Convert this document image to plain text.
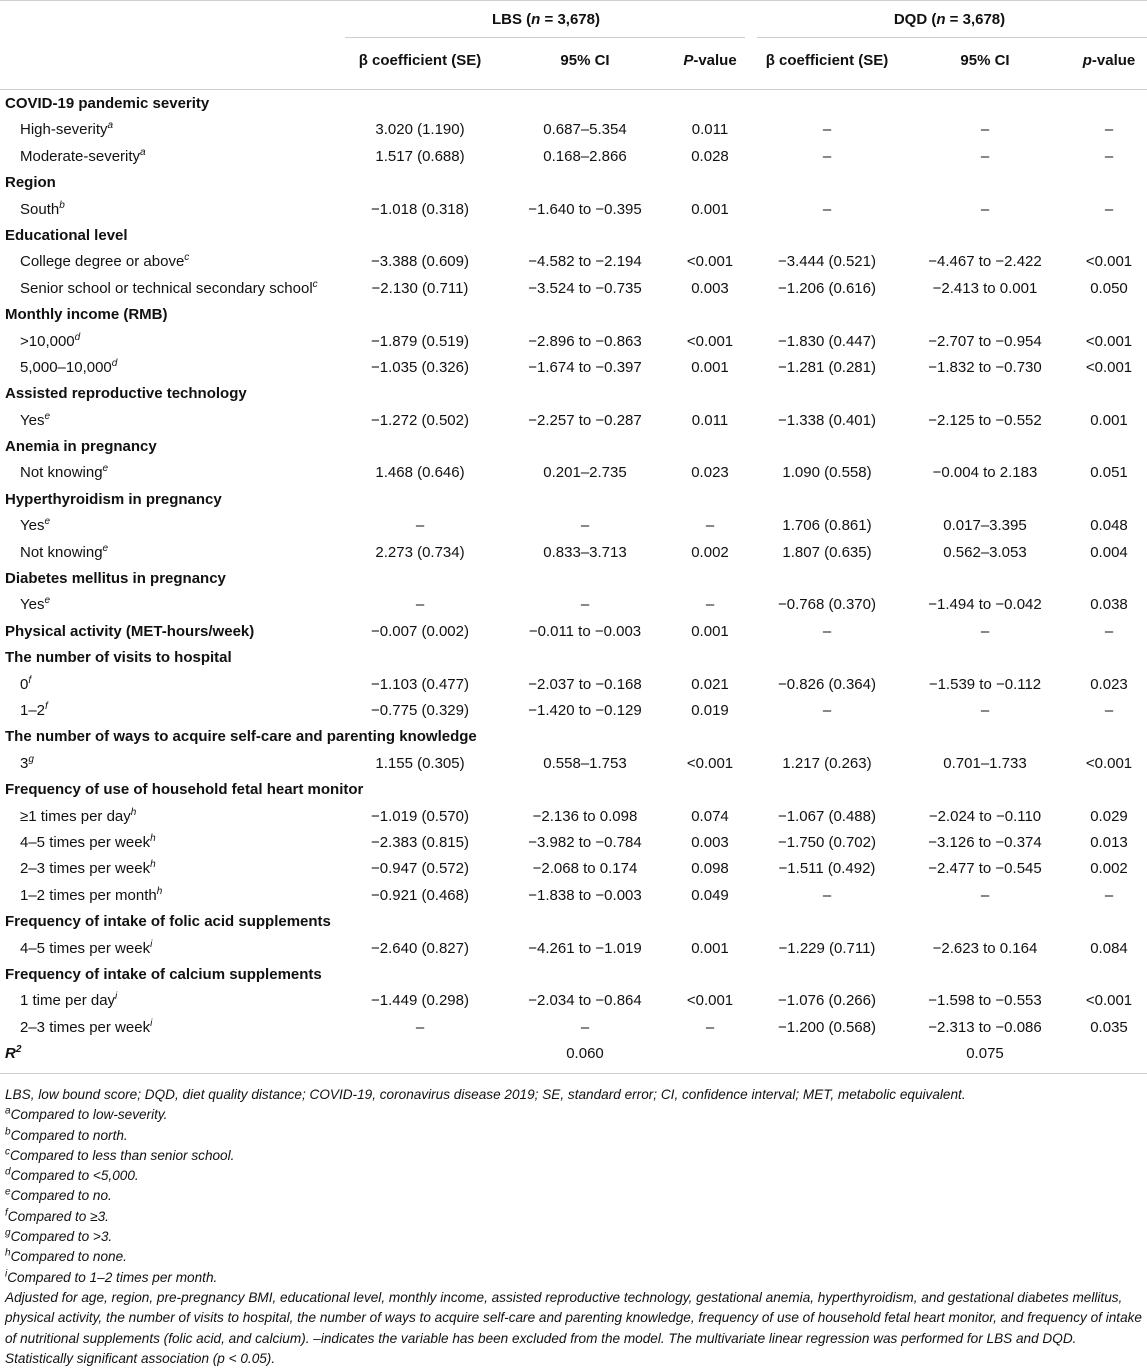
LBS (n = 3,678)	DQD (n = 3,678)
β coefficient (SE)	95% CI	P-value	β coefficient (SE)	95% CI	p-value
COVID-19 pandemic severity
High-severity$^a$	3.020 (1.190)	0.687–5.354	0.011	–	–	–
Moderate-severity$^a$	1.517 (0.688)	0.168–2.866	0.028	–	–	–
Region
South$^b$	−1.018 (0.318)	−1.640 to −0.395	0.001	–	–	–
Educational level
College degree or above$^c$	−3.388 (0.609)	−4.582 to −2.194	<0.001	−3.444 (0.521)	−4.467 to −2.422	<0.001
Senior school or technical secondary school$^c$	−2.130 (0.711)	−3.524 to −0.735	0.003	−1.206 (0.616)	−2.413 to 0.001	0.050
Monthly income (RMB)
>10,000$^d$	−1.879 (0.519)	−2.896 to −0.863	<0.001	−1.830 (0.447)	−2.707 to −0.954	<0.001
5,000–10,000$^d$	−1.035 (0.326)	−1.674 to −0.397	0.001	−1.281 (0.281)	−1.832 to −0.730	<0.001
Assisted reproductive technology
Yes$^e$	−1.272 (0.502)	−2.257 to −0.287	0.011	−1.338 (0.401)	−2.125 to −0.552	0.001
Anemia in pregnancy
Not knowing$^e$	1.468 (0.646)	0.201–2.735	0.023	1.090 (0.558)	−0.004 to 2.183	0.051
Hyperthyroidism in pregnancy
Yes$^e$	–	–	–	1.706 (0.861)	0.017–3.395	0.048
Not knowing$^e$	2.273 (0.734)	0.833–3.713	0.002	1.807 (0.635)	0.562–3.053	0.004
Diabetes mellitus in pregnancy
Yes$^e$	–	–	–	−0.768 (0.370)	−1.494 to −0.042	0.038
Physical activity (MET-hours/week)	−0.007 (0.002)	−0.011 to −0.003	0.001	–	–	–
The number of visits to hospital
$0^f$	−1.103 (0.477)	−2.037 to −0.168	0.021	−0.826 (0.364)	−1.539 to −0.112	0.023
$1-2^f$	−0.775 (0.329)	−1.420 to −0.129	0.019	–	–	–
The number of ways to acquire self-care and parenting knowledge
3$^g$	1.155 (0.305)	0.558–1.753	<0.001	1.217 (0.263)	0.701–1.733	<0.001
Frequency of use of household fetal heart monitor
≥1 times per day$^h$	−1.019 (0.570)	−2.136 to 0.098	0.074	−1.067 (0.488)	−2.024 to −0.110	0.029
4–5 times per week$^h$	−2.383 (0.815)	−3.982 to −0.784	0.003	−1.750 (0.702)	−3.126 to −0.374	0.013
2–3 times per week$^h$	−0.947 (0.572)	−2.068 to 0.174	0.098	−1.511 (0.492)	−2.477 to −0.545	0.002
1–2 times per month$^h$	−0.921 (0.468)	−1.838 to −0.003	0.049	–	–	–
Frequency of intake of folic acid supplements
4–5 times per week$^i$	−2.640 (0.827)	−4.261 to −1.019	0.001	−1.229 (0.711)	−2.623 to 0.164	0.084
Frequency of intake of calcium supplements
1 time per day$^i$	−1.449 (0.298)	−2.034 to −0.864	<0.001	−1.076 (0.266)	−1.598 to −0.553	<0.001
2–3 times per week$^i$	–	–	–	−1.200 (0.568)	−2.313 to −0.086	0.035
$R^2$	0.060	0.075

LBS, low bound score; DQD, diet quality distance; COVID-19, coronavirus disease 2019; SE, standard error; CI, confidence interval; MET, metabolic equivalent.

$^a$Compared to low-severity.

$^b$Compared to north.

$^c$Compared to less than senior school.

$^d$Compared to <5,000.

$^e$Compared to no.

$^f$Compared to ≥3.

$^g$Compared to >3.

$^h$Compared to none.

$^i$Compared to 1–2 times per month.

Adjusted for age, region, pre-pregnancy BMI, educational level, monthly income, assisted reproductive technology, gestational anemia, hyperthyroidism, and gestational diabetes mellitus, physical activity, the number of visits to hospital, the number of ways to acquire self-care and parenting knowledge, frequency of use of household fetal heart monitor, and frequency of intake of nutritional supplements (folic acid, and calcium). –indicates the variable has been excluded from the model. The multivariate linear regression was performed for LBS and DQD. Statistically significant association (p < 0.05).
